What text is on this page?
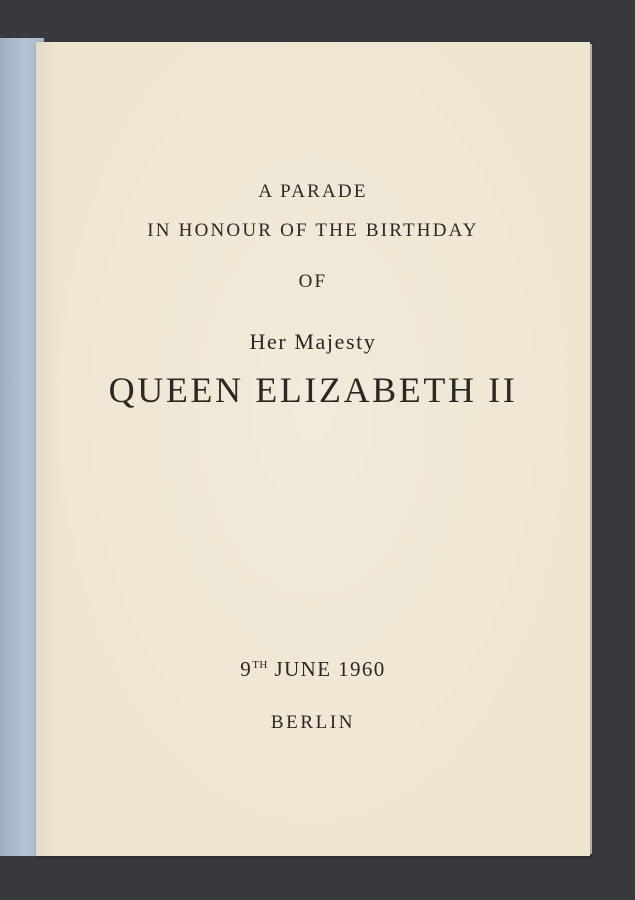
A PARADE
IN HONOUR OF THE BIRTHDAY
OF
Her Majesty
QUEEN ELIZABETH II
9TH JUNE 1960
BERLIN
